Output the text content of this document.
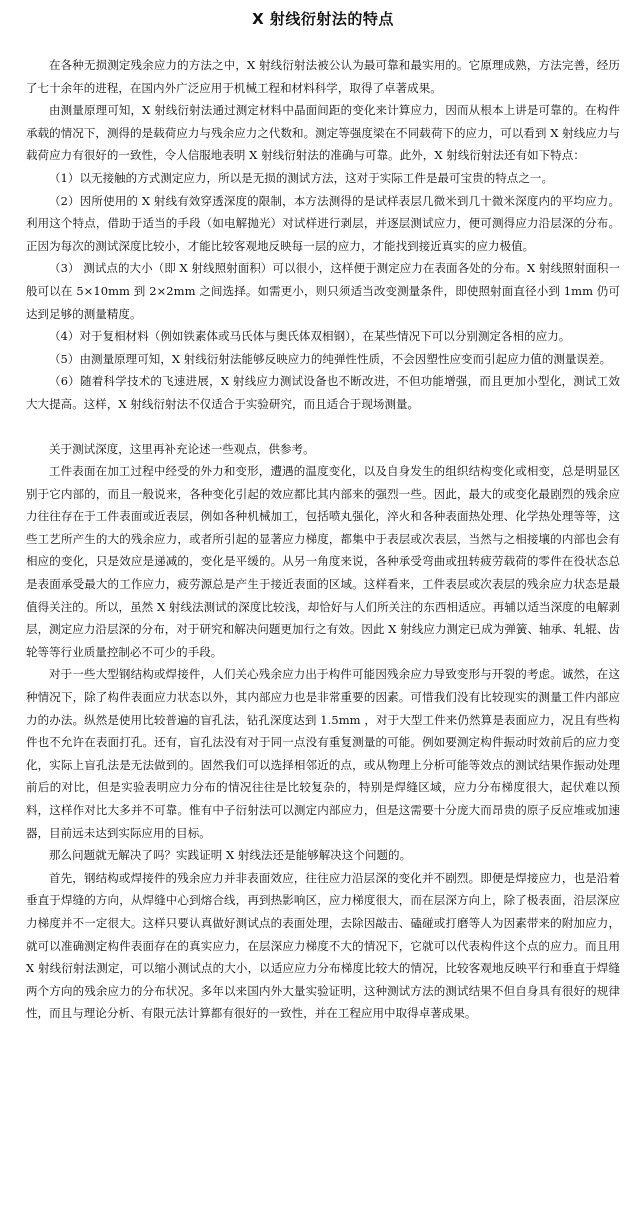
X 射线衍射法的特点

在各种无损测定残余应力的方法之中，X 射线衍射法被公认为最可靠和最实用的。它原理成熟，方法完善，经历了七十余年的进程，在国内外广泛应用于机械工程和材料科学，取得了卓著成果。

由测量原理可知，X 射线衍射法通过测定材料中晶面间距的变化来计算应力，因而从根本上讲是可靠的。在构件承载的情况下，测得的是载荷应力与残余应力之代数和。测定等强度梁在不同载荷下的应力，可以看到 X 射线应力与载荷应力有很好的一致性，令人信服地表明 X 射线衍射法的准确与可靠。此外，X 射线衍射法还有如下特点：

（1）以无接触的方式测定应力，所以是无损的测试方法，这对于实际工件是最可宝贵的特点之一。

（2）因所使用的 X 射线有效穿透深度的限制，本方法测得的是试样表层几微米到几十微米深度内的平均应力。利用这个特点，借助于适当的手段（如电解抛光）对试样进行剥层，并逐层测试应力，便可测得应力沿层深的分布。正因为每次的测试深度比较小，才能比较客观地反映每一层的应力，才能找到接近真实的应力极值。

（3） 测试点的大小（即 X 射线照射面积）可以很小，这样便于测定应力在表面各处的分布。X 射线照射面积一般可以在 5×10mm 到 2×2mm 之间选择。如需更小，则只须适当改变测量条件，即使照射面直径小到 1mm 仍可达到足够的测量精度。

（4）对于复相材料（例如铁素体或马氏体与奥氏体双相钢），在某些情况下可以分别测定各相的应力。

（5）由测量原理可知，X 射线衍射法能够反映应力的纯弹性性质，不会因塑性应变而引起应力值的测量误差。

（6）随着科学技术的飞速进展，X 射线应力测试设备也不断改进，不但功能增强，而且更加小型化，测试工效大大提高。这样，X 射线衍射法不仅适合于实验研究，而且适合于现场测量。

关于测试深度，这里再补充论述一些观点，供参考。

工件表面在加工过程中经受的外力和变形，遭遇的温度变化，以及自身发生的组织结构变化或相变，总是明显区别于它内部的，而且一般说来，各种变化引起的效应都比其内部来的强烈一些。因此，最大的或变化最剧烈的残余应力往往存在于工件表面或近表层，例如各种机械加工，包括喷丸强化，淬火和各种表面热处理、化学热处理等等，这些工艺所产生的大的残余应力，或者所引起的显著应力梯度，都集中于表层或次表层，当然与之相接壤的内部也会有相应的变化，只是效应是递减的，变化是平缓的。从另一角度来说，各种承受弯曲或扭转疲劳载荷的零件在役状态总是表面承受最大的工作应力，疲劳源总是产生于接近表面的区域。这样看来，工件表层或次表层的残余应力状态是最值得关注的。所以，虽然 X 射线法测试的深度比较浅，却恰好与人们所关注的东西相适应。再辅以适当深度的电解剥层，测定应力沿层深的分布，对于研究和解决问题更加行之有效。因此 X 射线应力测定已成为弹簧、轴承、轧辊、齿轮等等行业质量控制必不可少的手段。

对于一些大型钢结构或焊接件，人们关心残余应力出于构件可能因残余应力导致变形与开裂的考虑。诚然，在这种情况下，除了构件表面应力状态以外，其内部应力也是非常重要的因素。可惜我们没有比较现实的测量工件内部应力的办法。纵然是使用比较普遍的盲孔法，钻孔深度达到 1.5mm ，对于大型工件来仍然算是表面应力，况且有些构件也不允许在表面打孔。还有，盲孔法没有对于同一点没有重复测量的可能。例如要测定构件振动时效前后的应力变化，实际上盲孔法是无法做到的。固然我们可以选择相邻近的点，或从物理上分析可能等效点的测试结果作振动处理前后的对比，但是实验表明应力分布的情况往往是比较复杂的，特别是焊缝区域，应力分布梯度很大，起伏难以预料，这样作对比大多并不可靠。惟有中子衍射法可以测定内部应力，但是这需要十分庞大而昂贵的原子反应堆或加速器，目前远未达到实际应用的目标。

那么问题就无解决了吗？实践证明 X 射线法还是能够解决这个问题的。

首先，钢结构或焊接件的残余应力并非表面效应，往往应力沿层深的变化并不剧烈。即便是焊接应力，也是沿着垂直于焊缝的方向，从焊缝中心到熔合线，再到热影响区，应力梯度很大，而在层深方向上，除了极表面，沿层深应力梯度并不一定很大。这样只要认真做好测试点的表面处理，去除因敲击、磕碰或打磨等人为因素带来的附加应力，就可以准确测定构件表面存在的真实应力，在层深应力梯度不大的情况下，它就可以代表构件这个点的应力。而且用 X 射线衍射法测定，可以缩小测试点的大小，以适应应力分布梯度比较大的情况，比较客观地反映平行和垂直于焊缝两个方向的残余应力的分布状况。多年以来国内外大量实验证明，这种测试方法的测试结果不但自身具有很好的规律性，而且与理论分析、有限元法计算都有很好的一致性，并在工程应用中取得卓著成果。
